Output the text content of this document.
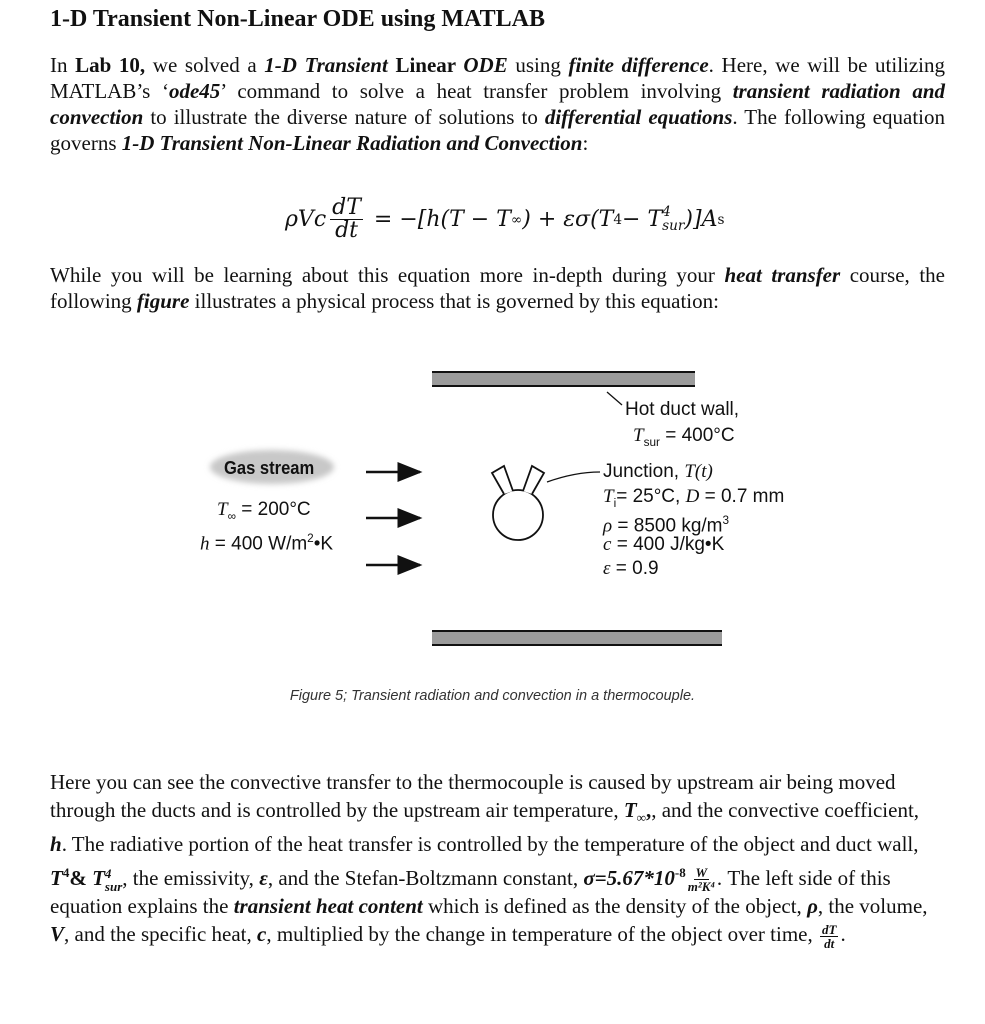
1-D Transient Non-Linear ODE using MATLAB

In Lab 10, we solved a 1-D Transient Linear ODE using finite difference. Here, we will be utilizing MATLAB’s ‘ode45’ command to solve a heat transfer problem involving transient radiation and convection to illustrate the diverse nature of solutions to differential equations. The following equation governs 1-D Transient Non-Linear Radiation and Convection:

ρVc $\frac{dT}{dt}$
= −[h(T − T ∞ ) + εσ(T 4 − T 4
sur )]A s

While you will be learning about this equation more in-depth during your heat transfer course, the following figure illustrates a physical process that is governed by this equation:

Hot duct wall,
$T_{sur} = 400^\circ C$
Gas stream
$T_\infty = 200^\circ C$
h = 400 $W/m^2•K$
Junction, T(t)
$T_i= 25^\circ C$, D = 0.7 mm
ρ = 8500 $kg/m^3$
c = 400 J/kg•K
ε = 0.9
Figure 5; Transient radiation and convection in a thermocouple.

Here you can see the convective transfer to the thermocouple is caused by upstream air being moved through the ducts and is controlled by the upstream air temperature, $T_\infty$,, and the convective coefficient, h. The radiative portion of the heat transfer is controlled by the temperature of the object and duct wall, $T^4\&$ T 4
sur , the emissivity, ε, and the Stefan-Boltzmann constant, $\sigma=5.67*10^{-8} \frac{W}{\text{m²K⁴}}$ . The left side of this equation explains the transient heat content which is defined as the density of the object, ρ, the volume, V, and the specific heat, c, multiplied by the change in temperature of the object over time, $\frac{dT}{dt}$ .
